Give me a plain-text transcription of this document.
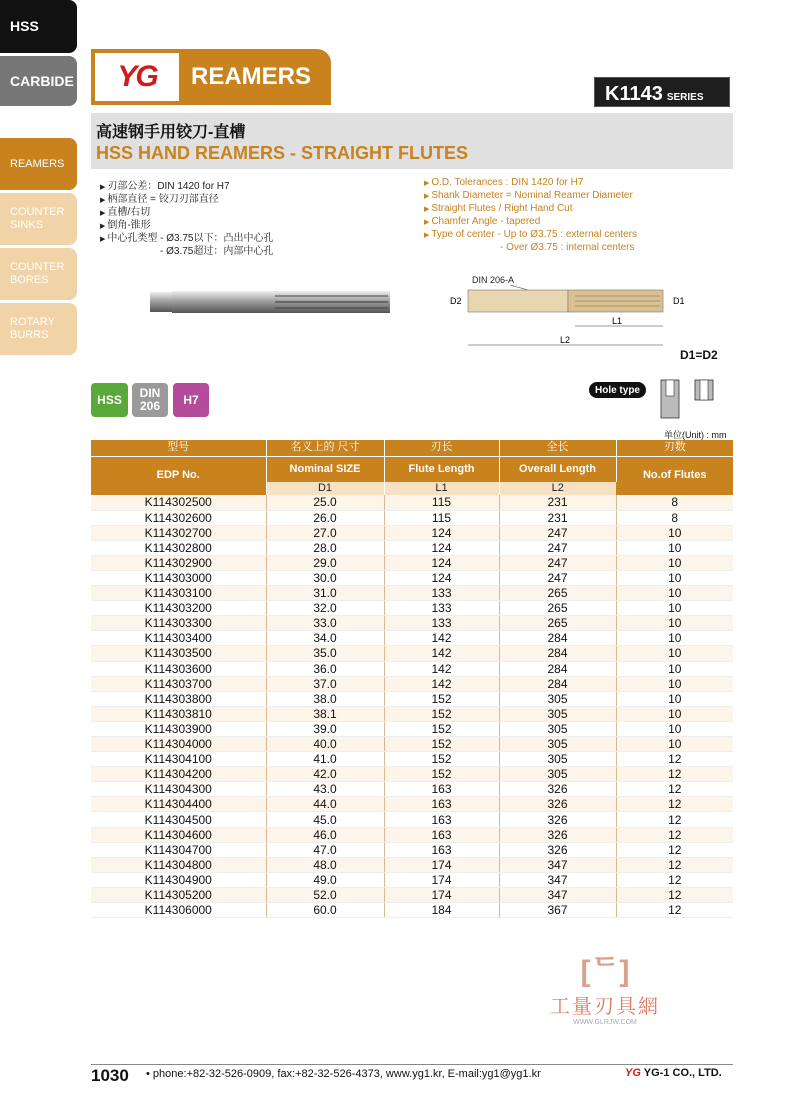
HSS
CARBIDE
REAMERS
COUNTER SINKS
COUNTER BORES
ROTARY BURRS
YG REAMERS
K1143 SERIES
高速钢手用铰刀-直槽
HSS HAND REAMERS - STRAIGHT FLUTES
▶ 刃部公差：DIN 1420 for H7
▶ 柄部直径 = 铰刀刃部直径
▶ 直槽/右切
▶ 倒角-锥形
▶ 中心孔类型 - Ø3.75以下：凸出中心孔
- Ø3.75超过：内部中心孔
▶ O.D. Tolerances : DIN 1420 for H7
▶ Shank Diameter = Nominal Reamer Diameter
▶ Straight Flutes / Right Hand Cut
▶ Chamfer Angle - tapered
▶ Type of center - Up to Ø3.75 : external centers
- Over Ø3.75 : internal centers
DIN 206-A
D2	D1
L1
L2
D1=D2
HSS	DIN 206	H7
Hole type
单位(Unit) : mm
型号	名义上的 尺寸	刃长	全长	刃数
EDP No.	Nominal SIZE	Flute Length	Overall Length	No.of Flutes
	D1	L1	L2	
K114302500	25.0	115	231	8
K114302600	26.0	115	231	8
K114302700	27.0	124	247	10
K114302800	28.0	124	247	10
K114302900	29.0	124	247	10
K114303000	30.0	124	247	10
K114303100	31.0	133	265	10
K114303200	32.0	133	265	10
K114303300	33.0	133	265	10
K114303400	34.0	142	284	10
K114303500	35.0	142	284	10
K114303600	36.0	142	284	10
K114303700	37.0	142	284	10
K114303800	38.0	152	305	10
K114303810	38.1	152	305	10
K114303900	39.0	152	305	10
K114304000	40.0	152	305	10
K114304100	41.0	152	305	12
K114304200	42.0	152	305	12
K114304300	43.0	163	326	12
K114304400	44.0	163	326	12
K114304500	45.0	163	326	12
K114304600	46.0	163	326	12
K114304700	47.0	163	326	12
K114304800	48.0	174	347	12
K114304900	49.0	174	347	12
K114305200	52.0	174	347	12
K114306000	60.0	184	367	12
[ᄃ]
工量刃具網
WWW.GLRJW.COM
1030 • phone:+82-32-526-0909, fax:+82-32-526-4373, www.yg1.kr, E-mail:yg1@yg1.kr	YG YG-1 CO., LTD.
